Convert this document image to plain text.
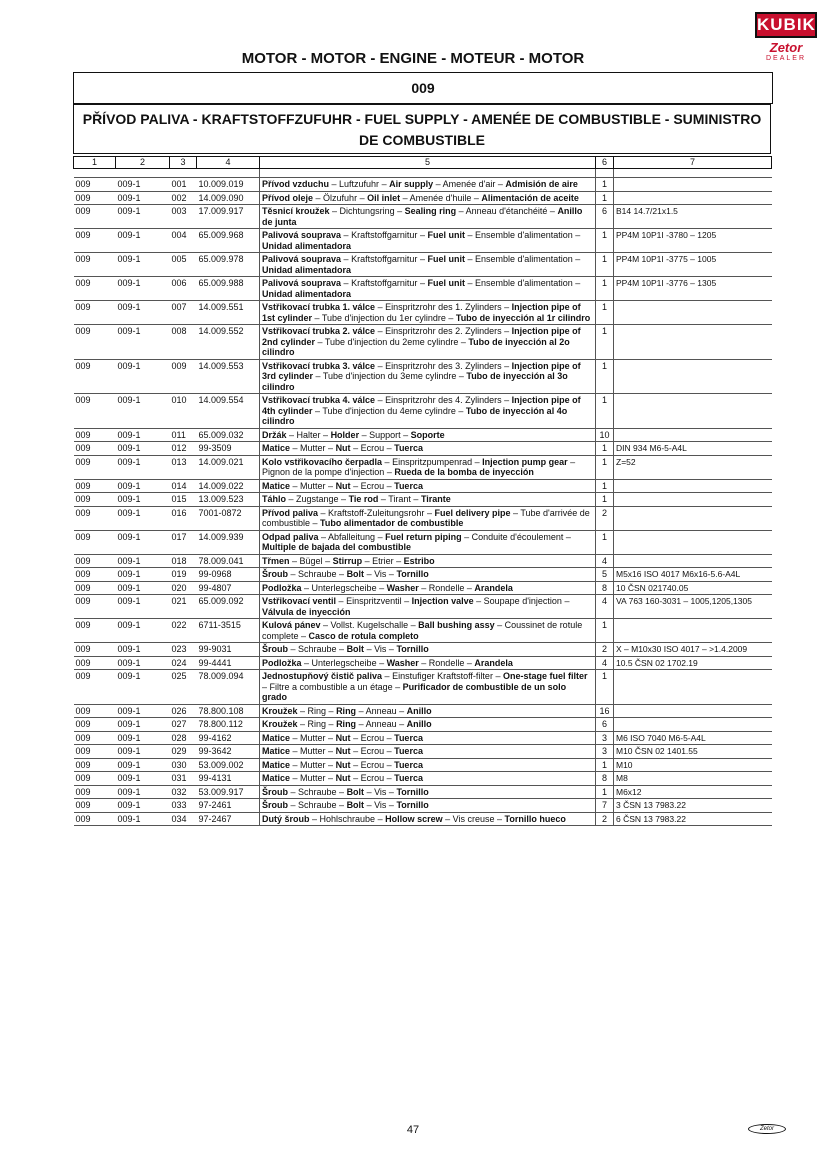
KUBIK
Zetor
DEALER
MOTOR - MOTOR - ENGINE - MOTEUR - MOTOR
009
PŘÍVOD PALIVA - KRAFTSTOFFZUFUHR - FUEL SUPPLY - AMENÉE DE COMBUSTIBLE - SUMINISTRO DE COMBUSTIBLE
1	2	3	4	5	6	7

009	009-1	001	10.009.019	Přívod vzduchu – Luftzufuhr – Air supply – Amenée d'air – Admisión de aire	1	
009	009-1	002	14.009.090	Přívod oleje – Ölzufuhr – Oil inlet – Amenée d'huile – Alimentación de aceite	1	
009	009-1	003	17.009.917	Těsnicí kroužek – Dichtungsring – Sealing ring – Anneau d'étanchéité – Anillo de junta	6	B14 14.7/21x1.5
009	009-1	004	65.009.968	Palivová souprava – Kraftstoffgarnitur – Fuel unit – Ensemble d'alimentation – Unidad alimentadora	1	PP4M 10P1I -3780 – 1205
009	009-1	005	65.009.978	Palivová souprava – Kraftstoffgarnitur – Fuel unit – Ensemble d'alimentation – Unidad alimentadora	1	PP4M 10P1I -3775 – 1005
009	009-1	006	65.009.988	Palivová souprava – Kraftstoffgarnitur – Fuel unit – Ensemble d'alimentation – Unidad alimentadora	1	PP4M 10P1I -3776 – 1305
009	009-1	007	14.009.551	Vstřikovací trubka 1. válce – Einspritzrohr des 1. Zylinders – Injection pipe of 1st cylinder – Tube d'injection du 1er cylindre – Tubo de inyección al 1r cilindro	1	
009	009-1	008	14.009.552	Vstřikovací trubka 2. válce – Einspritzrohr des 2. Zylinders – Injection pipe of 2nd cylinder – Tube d'injection du 2eme cylindre – Tubo de inyección al 2o cilindro	1	
009	009-1	009	14.009.553	Vstřikovací trubka 3. válce – Einspritzrohr des 3. Zylinders – Injection pipe of 3rd cylinder – Tube d'injection du 3eme cylindre – Tubo de inyección al 3o cilindro	1	
009	009-1	010	14.009.554	Vstřikovací trubka 4. válce – Einspritzrohr des 4. Zylinders – Injection pipe of 4th cylinder – Tube d'injection du 4eme cylindre – Tubo de inyección al 4o cilindro	1	
009	009-1	011	65.009.032	Držák – Halter – Holder – Support – Soporte	10	
009	009-1	012	99-3509	Matice – Mutter – Nut – Ecrou – Tuerca	1	DIN 934 M6-5-A4L
009	009-1	013	14.009.021	Kolo vstřikovacího čerpadla – Einspritzpumpenrad – Injection pump gear – Pignon de la pompe d'injection – Rueda de la bomba de inyección	1	Z=52
009	009-1	014	14.009.022	Matice – Mutter – Nut – Ecrou – Tuerca	1	
009	009-1	015	13.009.523	Táhlo – Zugstange – Tie rod – Tirant – Tirante	1	
009	009-1	016	7001-0872	Přívod paliva – Kraftstoff-Zuleitungsrohr – Fuel delivery pipe – Tube d'arrivée de combustible – Tubo alimentador de combustible	2	
009	009-1	017	14.009.939	Odpad paliva – Abfalleitung – Fuel return piping – Conduite d'écoulement – Multiple de bajada del combustible	1	
009	009-1	018	78.009.041	Třmen – Bügel – Stirrup – Etrier – Estribo	4	
009	009-1	019	99-0968	Šroub – Schraube – Bolt – Vis – Tornillo	5	M5x16 ISO 4017 M6x16-5.6-A4L
009	009-1	020	99-4807	Podložka – Unterlegscheibe – Washer – Rondelle – Arandela	8	10 ČSN 021740.05
009	009-1	021	65.009.092	Vstřikovací ventil – Einspritzventil – Injection valve – Soupape d'injection – Válvula de inyección	4	VA 763 160-3031 – 1005,1205,1305
009	009-1	022	6711-3515	Kulová pánev – Vollst. Kugelschalle – Ball bushing assy – Coussinet de rotule complete – Casco de rotula completo	1	
009	009-1	023	99-9031	Šroub – Schraube – Bolt – Vis – Tornillo	2	X – M10x30 ISO 4017 – >1.4.2009
009	009-1	024	99-4441	Podložka – Unterlegscheibe – Washer – Rondelle – Arandela	4	10.5 ČSN 02 1702.19
009	009-1	025	78.009.094	Jednostupňový čistič paliva – Einstufiger Kraftstoff-filter – One-stage fuel filter – Filtre a combustible a un étage – Purificador de combustible de un solo grado	1	
009	009-1	026	78.800.108	Kroužek – Ring – Ring – Anneau – Anillo	16	
009	009-1	027	78.800.112	Kroužek – Ring – Ring – Anneau – Anillo	6	
009	009-1	028	99-4162	Matice – Mutter – Nut – Ecrou – Tuerca	3	M6 ISO 7040 M6-5-A4L
009	009-1	029	99-3642	Matice – Mutter – Nut – Ecrou – Tuerca	3	M10 ČSN 02 1401.55
009	009-1	030	53.009.002	Matice – Mutter – Nut – Ecrou – Tuerca	1	M10
009	009-1	031	99-4131	Matice – Mutter – Nut – Ecrou – Tuerca	8	M8
009	009-1	032	53.009.917	Šroub – Schraube – Bolt – Vis – Tornillo	1	M6x12
009	009-1	033	97-2461	Šroub – Schraube – Bolt – Vis – Tornillo	7	3 ČSN 13 7983.22
009	009-1	034	97-2467	Dutý šroub – Hohlschraube – Hollow screw – Vis creuse – Tornillo hueco	2	6 ČSN 13 7983.22
47	Zetor
